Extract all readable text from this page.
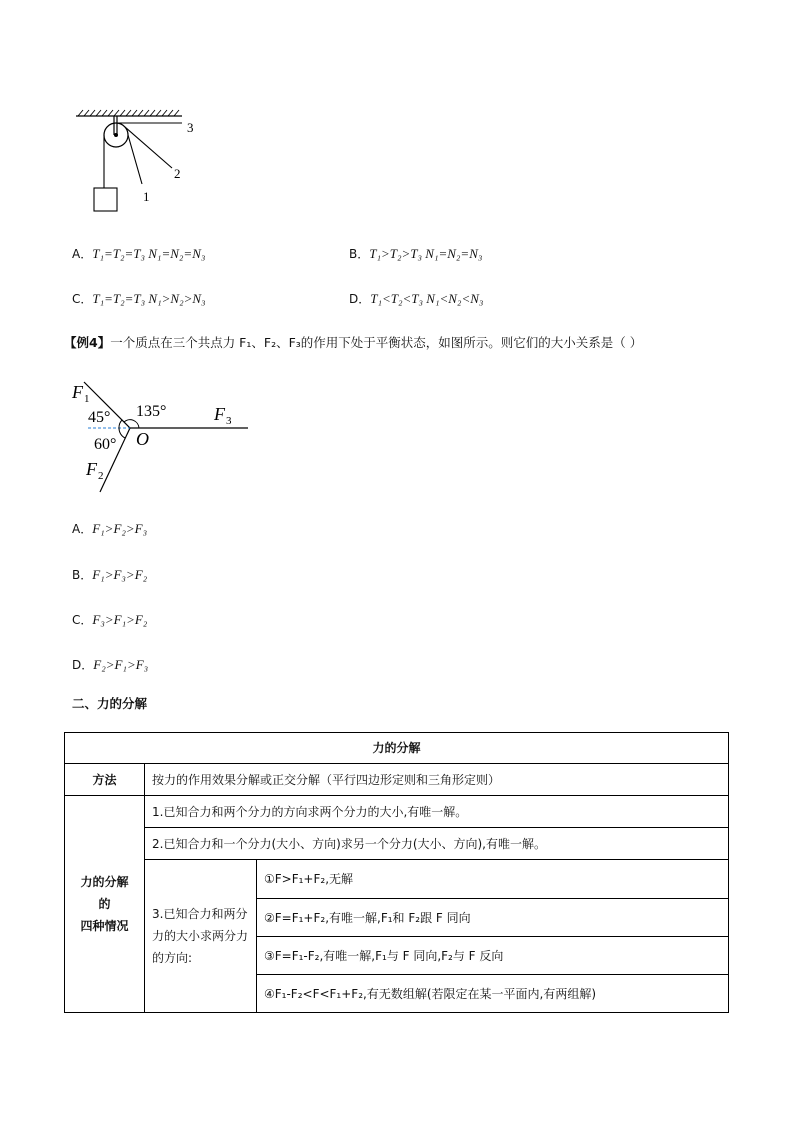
3
2
1
A．T₁=T₂=T₃ N₁=N₂=N₃	B．T₁>T₂>T₃ N₁=N₂=N₃
C．T₁=T₂=T₃ N₁>N₂>N₃	D．T₁<T₂<T₃ N₁<N₂<N₃
【例4】一个质点在三个共点力 F₁、F₂、F₃的作用下处于平衡状态，如图所示。则它们的大小关系是（ ）
F 1
F 2
F 3
O
45°
60°
135°
A．F₁>F₂>F₃
B．F₁>F₃>F₂
C．F₃>F₁>F₂
D．F₂>F₁>F₃
二、力的分解
力的分解		
方法	按力的作用效果分解或正交分解（平行四边形定则和三角形定则）	

力的分解
的
四种情况	1.已知合力和两个分力的方向求两个分力的大小,有唯一解。	
	2.已知合力和一个分力(大小、方向)求另一个分力(大小、方向),有唯一解。	
	3.已知合力和两分力的大小求两分力的方向:	①F>F₁+F₂,无解
		②F=F₁+F₂,有唯一解,F₁和 F₂跟 F 同向
		③F=F₁-F₂,有唯一解,F₁与 F 同向,F₂与 F 反向
		④F₁-F₂<F<F₁+F₂,有无数组解(若限定在某一平面内,有两组解)
